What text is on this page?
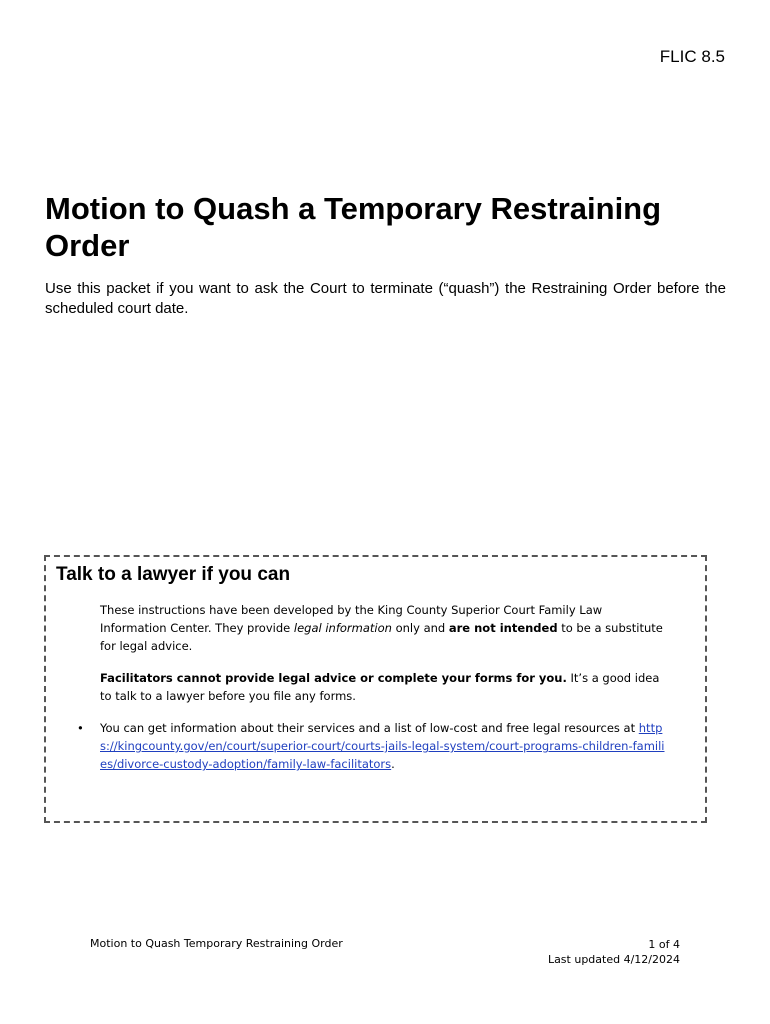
FLIC 8.5
Motion to Quash a Temporary Restraining Order

Use this packet if you want to ask the Court to terminate (“quash”) the Restraining Order before the scheduled court date.

Talk to a lawyer if you can

These instructions have been developed by the King County Superior Court Family Law Information Center. They provide legal information only and are not intended to be a substitute for legal advice.

Facilitators cannot provide legal advice or complete your forms for you. It’s a good idea to talk to a lawyer before you file any forms.

• You can get information about their services and a list of low-cost and free legal resources at https://kingcounty.gov/en/court/superior-court/courts-jails-legal-system/court-programs-children-families/divorce-custody-adoption/family-law-facilitators.

Motion to Quash Temporary Restraining Order	1 of 4
Last updated 4/12/2024
